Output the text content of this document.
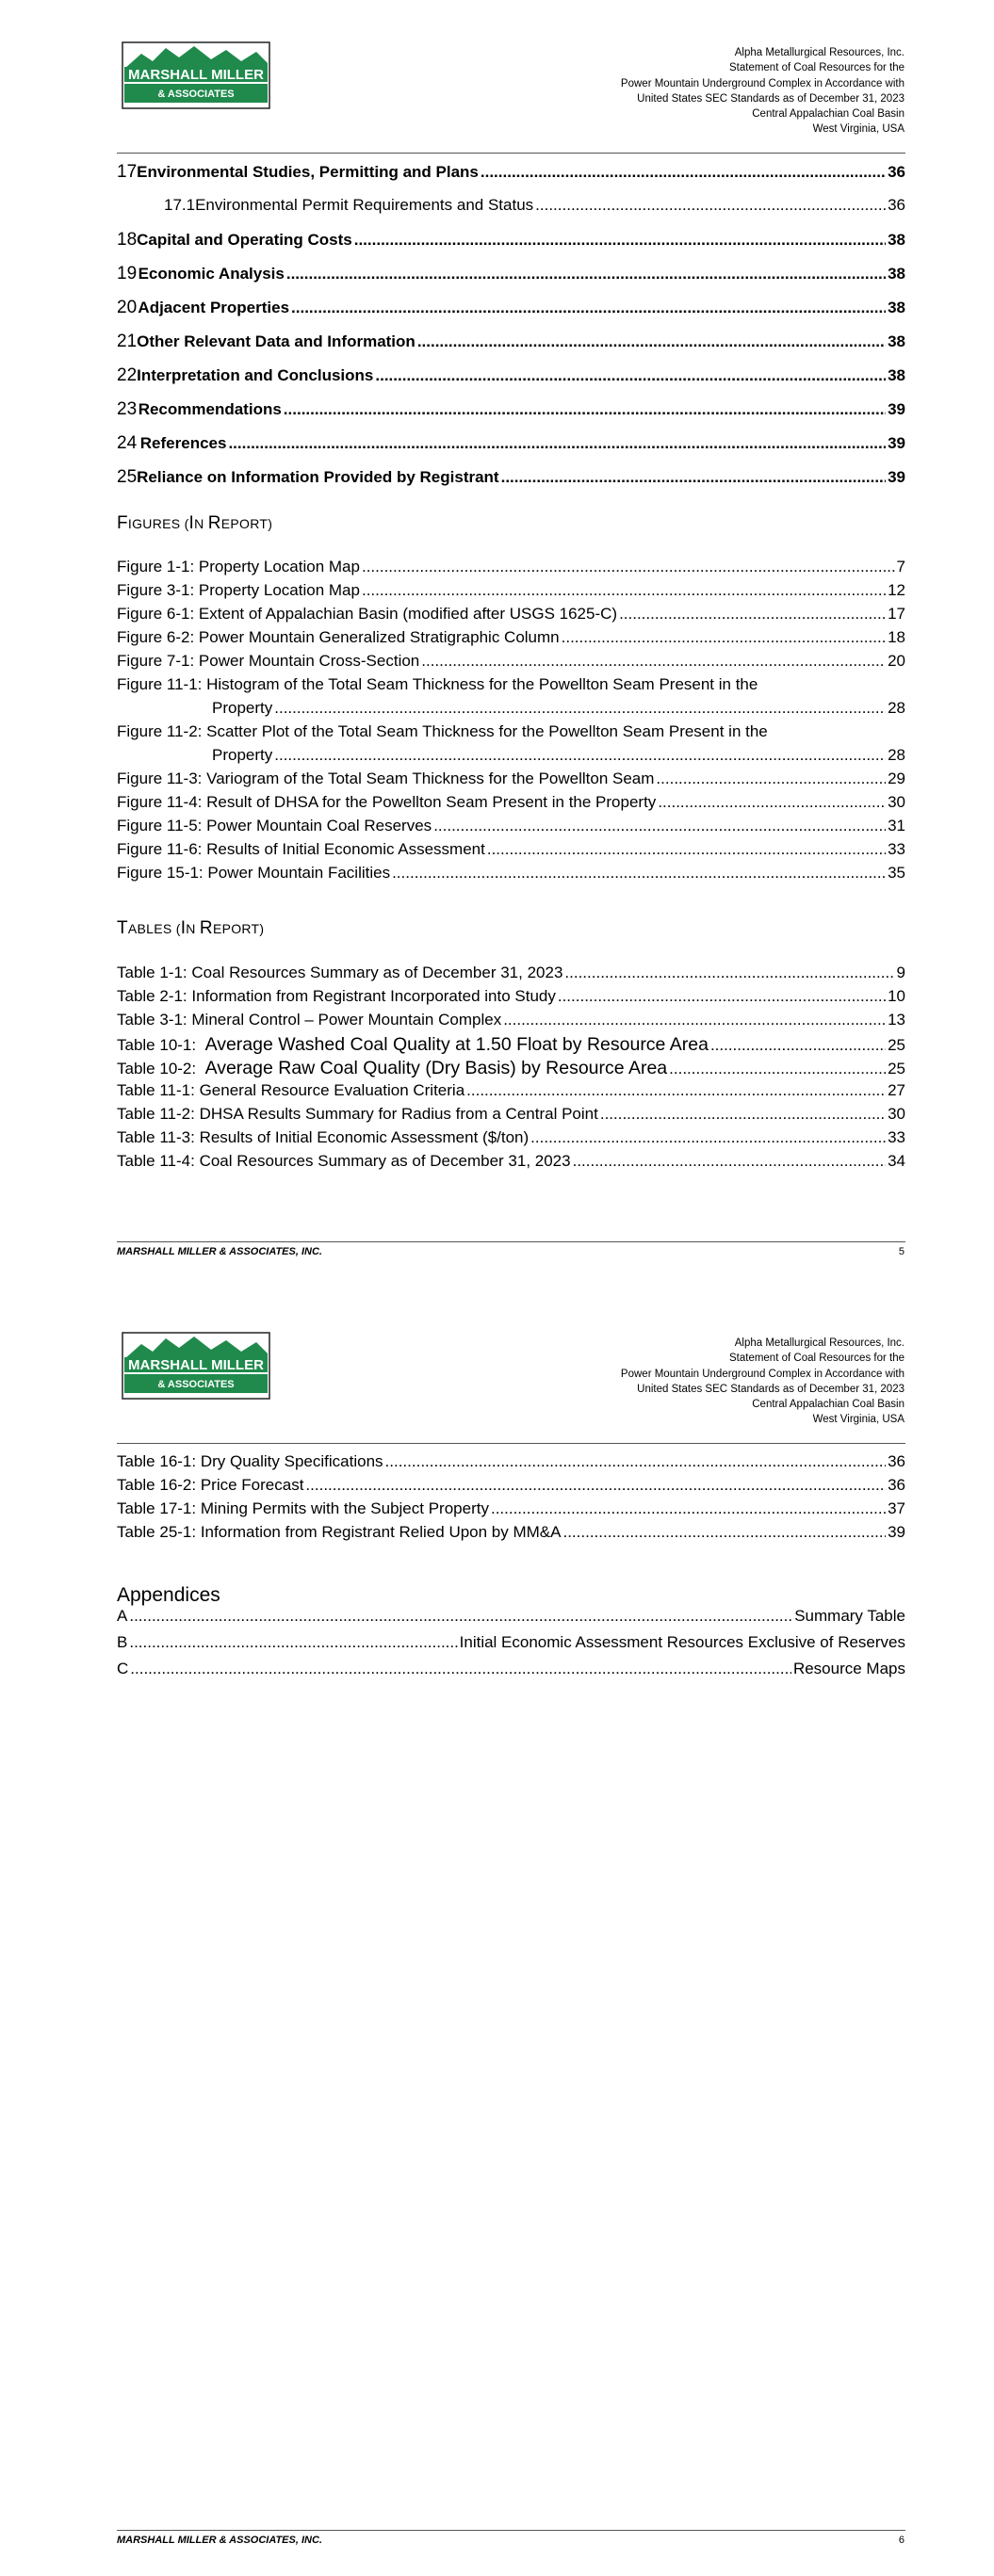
MARSHALL MILLER
& ASSOCIATES
Alpha Metallurgical Resources, Inc.
Statement of Coal Resources for the
Power Mountain Underground Complex in Accordance with
United States SEC Standards as of December 31, 2023
Central Appalachian Coal Basin
West Virginia, USA
17 Environmental Studies, Permitting and Plans .....	36
17.1 Environmental Permit Requirements and Status .....	36
18 Capital and Operating Costs .....	38
19 Economic Analysis .....	38
20 Adjacent Properties .....	38
21 Other Relevant Data and Information .....	38
22 Interpretation and Conclusions .....	38
23 Recommendations .....	39
24 References .....	39
25 Reliance on Information Provided by Registrant .....	39
FIGURES (IN REPORT)
Figure 1-1: Property Location Map .....	7
Figure 3-1: Property Location Map .....	12
Figure 6-1: Extent of Appalachian Basin (modified after USGS 1625-C) .....	17
Figure 6-2: Power Mountain Generalized Stratigraphic Column .....	18
Figure 7-1: Power Mountain Cross-Section .....	20
Figure 11-1: Histogram of the Total Seam Thickness for the Powellton Seam Present in the
Property .....	28
Figure 11-2: Scatter Plot of the Total Seam Thickness for the Powellton Seam Present in the
Property .....	28
Figure 11-3: Variogram of the Total Seam Thickness for the Powellton Seam .....	29
Figure 11-4: Result of DHSA for the Powellton Seam Present in the Property .....	30
Figure 11-5: Power Mountain Coal Reserves .....	31
Figure 11-6: Results of Initial Economic Assessment .....	33
Figure 15-1: Power Mountain Facilities .....	35
TABLES (IN REPORT)
Table 1-1: Coal Resources Summary as of December 31, 2023 .....	9
Table 2-1: Information from Registrant Incorporated into Study .....	10
Table 3-1: Mineral Control – Power Mountain Complex .....	13
Table 10-1: Average Washed Coal Quality at 1.50 Float by Resource Area .....	25
Table 10-2: Average Raw Coal Quality (Dry Basis) by Resource Area .....	25
Table 11-1: General Resource Evaluation Criteria .....	27
Table 11-2: DHSA Results Summary for Radius from a Central Point .....	30
Table 11-3: Results of Initial Economic Assessment ($/ton) .....	33
Table 11-4: Coal Resources Summary as of December 31, 2023 .....	34
MARSHALL MILLER & ASSOCIATES, INC.	5
MARSHALL MILLER
& ASSOCIATES
Alpha Metallurgical Resources, Inc.
Statement of Coal Resources for the
Power Mountain Underground Complex in Accordance with
United States SEC Standards as of December 31, 2023
Central Appalachian Coal Basin
West Virginia, USA
Table 16-1: Dry Quality Specifications .....	36
Table 16-2: Price Forecast .....	36
Table 17-1: Mining Permits with the Subject Property .....	37
Table 25-1: Information from Registrant Relied Upon by MM&A .....	39
Appendices
A .....	Summary Table
B .....	Initial Economic Assessment Resources Exclusive of Reserves
C .....	Resource Maps
MARSHALL MILLER & ASSOCIATES, INC.	6
